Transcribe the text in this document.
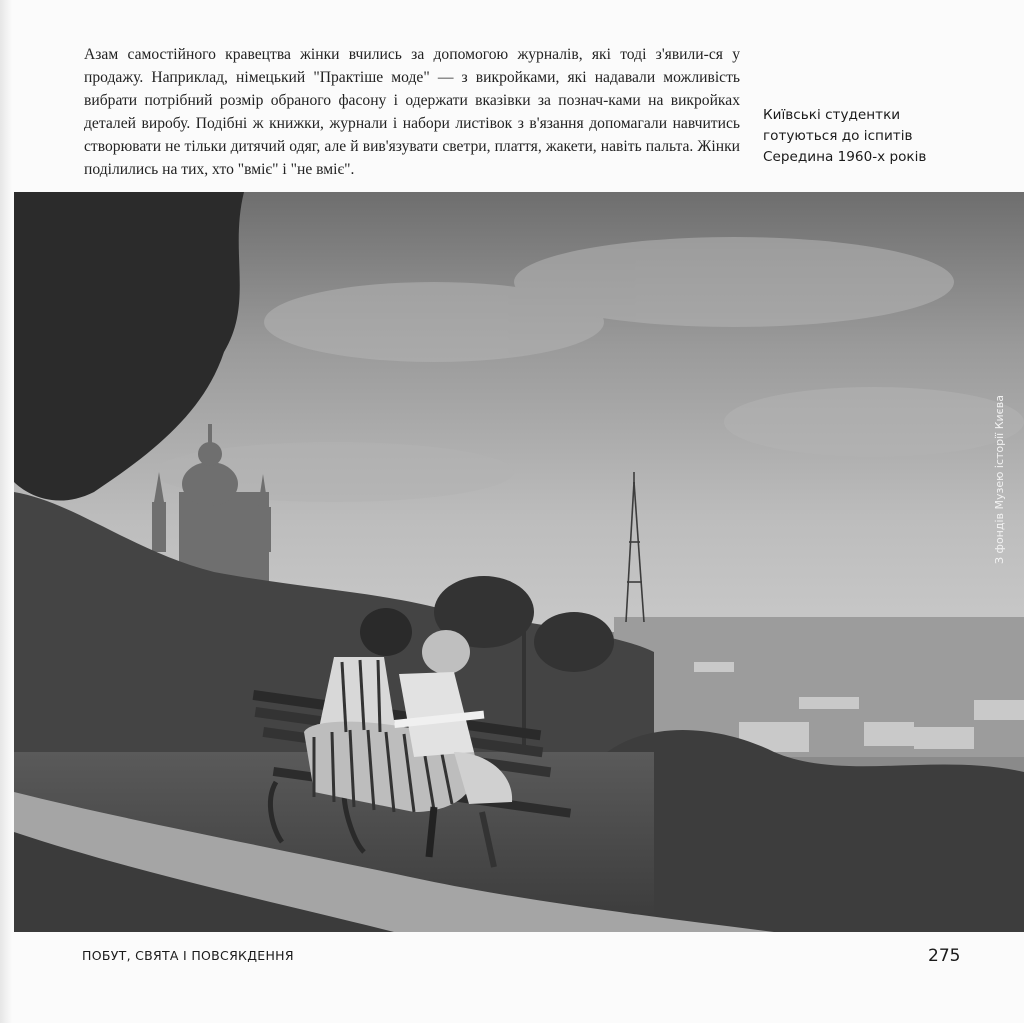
Азам самостійного кравецтва жінки вчились за допомогою журналів, які тоді з'явили-ся у продажу. Наприклад, німецький "Практіше моде" — з викройками, які надавали можливість вибрати потрібний розмір обраного фасону і одержати вказівки за познач-ками на викройках деталей виробу. Подібні ж книжки, журнали і набори листівок з в'язання допомагали навчитись створювати не тільки дитячий одяг, але й вив'язувати светри, плаття, жакети, навіть пальта. Жінки поділились на тих, хто "вміє" і "не вміє".

Київські студентки
готуються до іспитів
Середина 1960-х років
З фондів Музею історії Києва
ПОБУТ, СВЯТА І ПОВСЯКДЕННЯ	275
